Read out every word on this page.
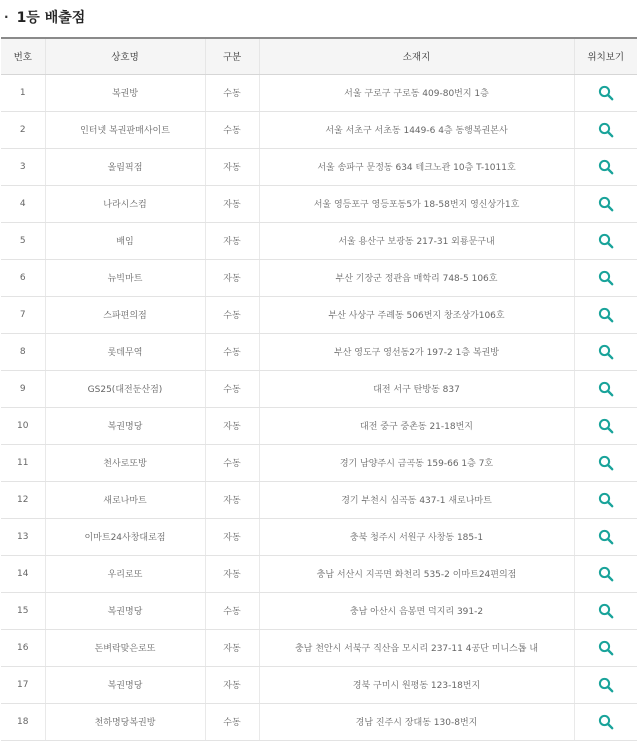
· 1등 배출점
번호	상호명	구분	소재지	위치보기
1	복권방	수동	서울 구로구 구로동 409-80번지 1층	
2	인터넷 복권판매사이트	수동	서울 서초구 서초동 1449-6 4층 동행복권본사	
3	올림픽점	자동	서울 송파구 문정동 634 테크노관 10층 T-1011호	
4	나라시스컴	자동	서울 영등포구 영등포동5가 18-58번지 영신상가1호	
5	배임	자동	서울 용산구 보광동 217-31 외룡문구내	
6	뉴빅마트	자동	부산 기장군 정관읍 매학리 748-5 106호	
7	스파편의점	수동	부산 사상구 주례동 506번지 창조상가106호	
8	롯데무역	수동	부산 영도구 영선동2가 197-2 1층 복권방	
9	GS25(대전둔산점)	수동	대전 서구 탄방동 837	
10	복권명당	자동	대전 중구 중촌동 21-18번지	
11	천사로또방	수동	경기 남양주시 금곡동 159-66 1층 7호	
12	새로나마트	자동	경기 부천시 심곡동 437-1 새로나마트	
13	이마트24사창대로점	자동	충북 청주시 서원구 사창동 185-1	
14	우리로또	자동	충남 서산시 지곡면 화천리 535-2 이마트24편의점	
15	복권명당	수동	충남 아산시 음봉면 덕지리 391-2	
16	돈벼락맞은로또	자동	충남 천안시 서북구 직산읍 모시리 237-11 4공단 미니스톱 내	
17	복권명당	자동	경북 구미시 원평동 123-18번지	
18	천하명당복권방	수동	경남 진주시 장대동 130-8번지	
